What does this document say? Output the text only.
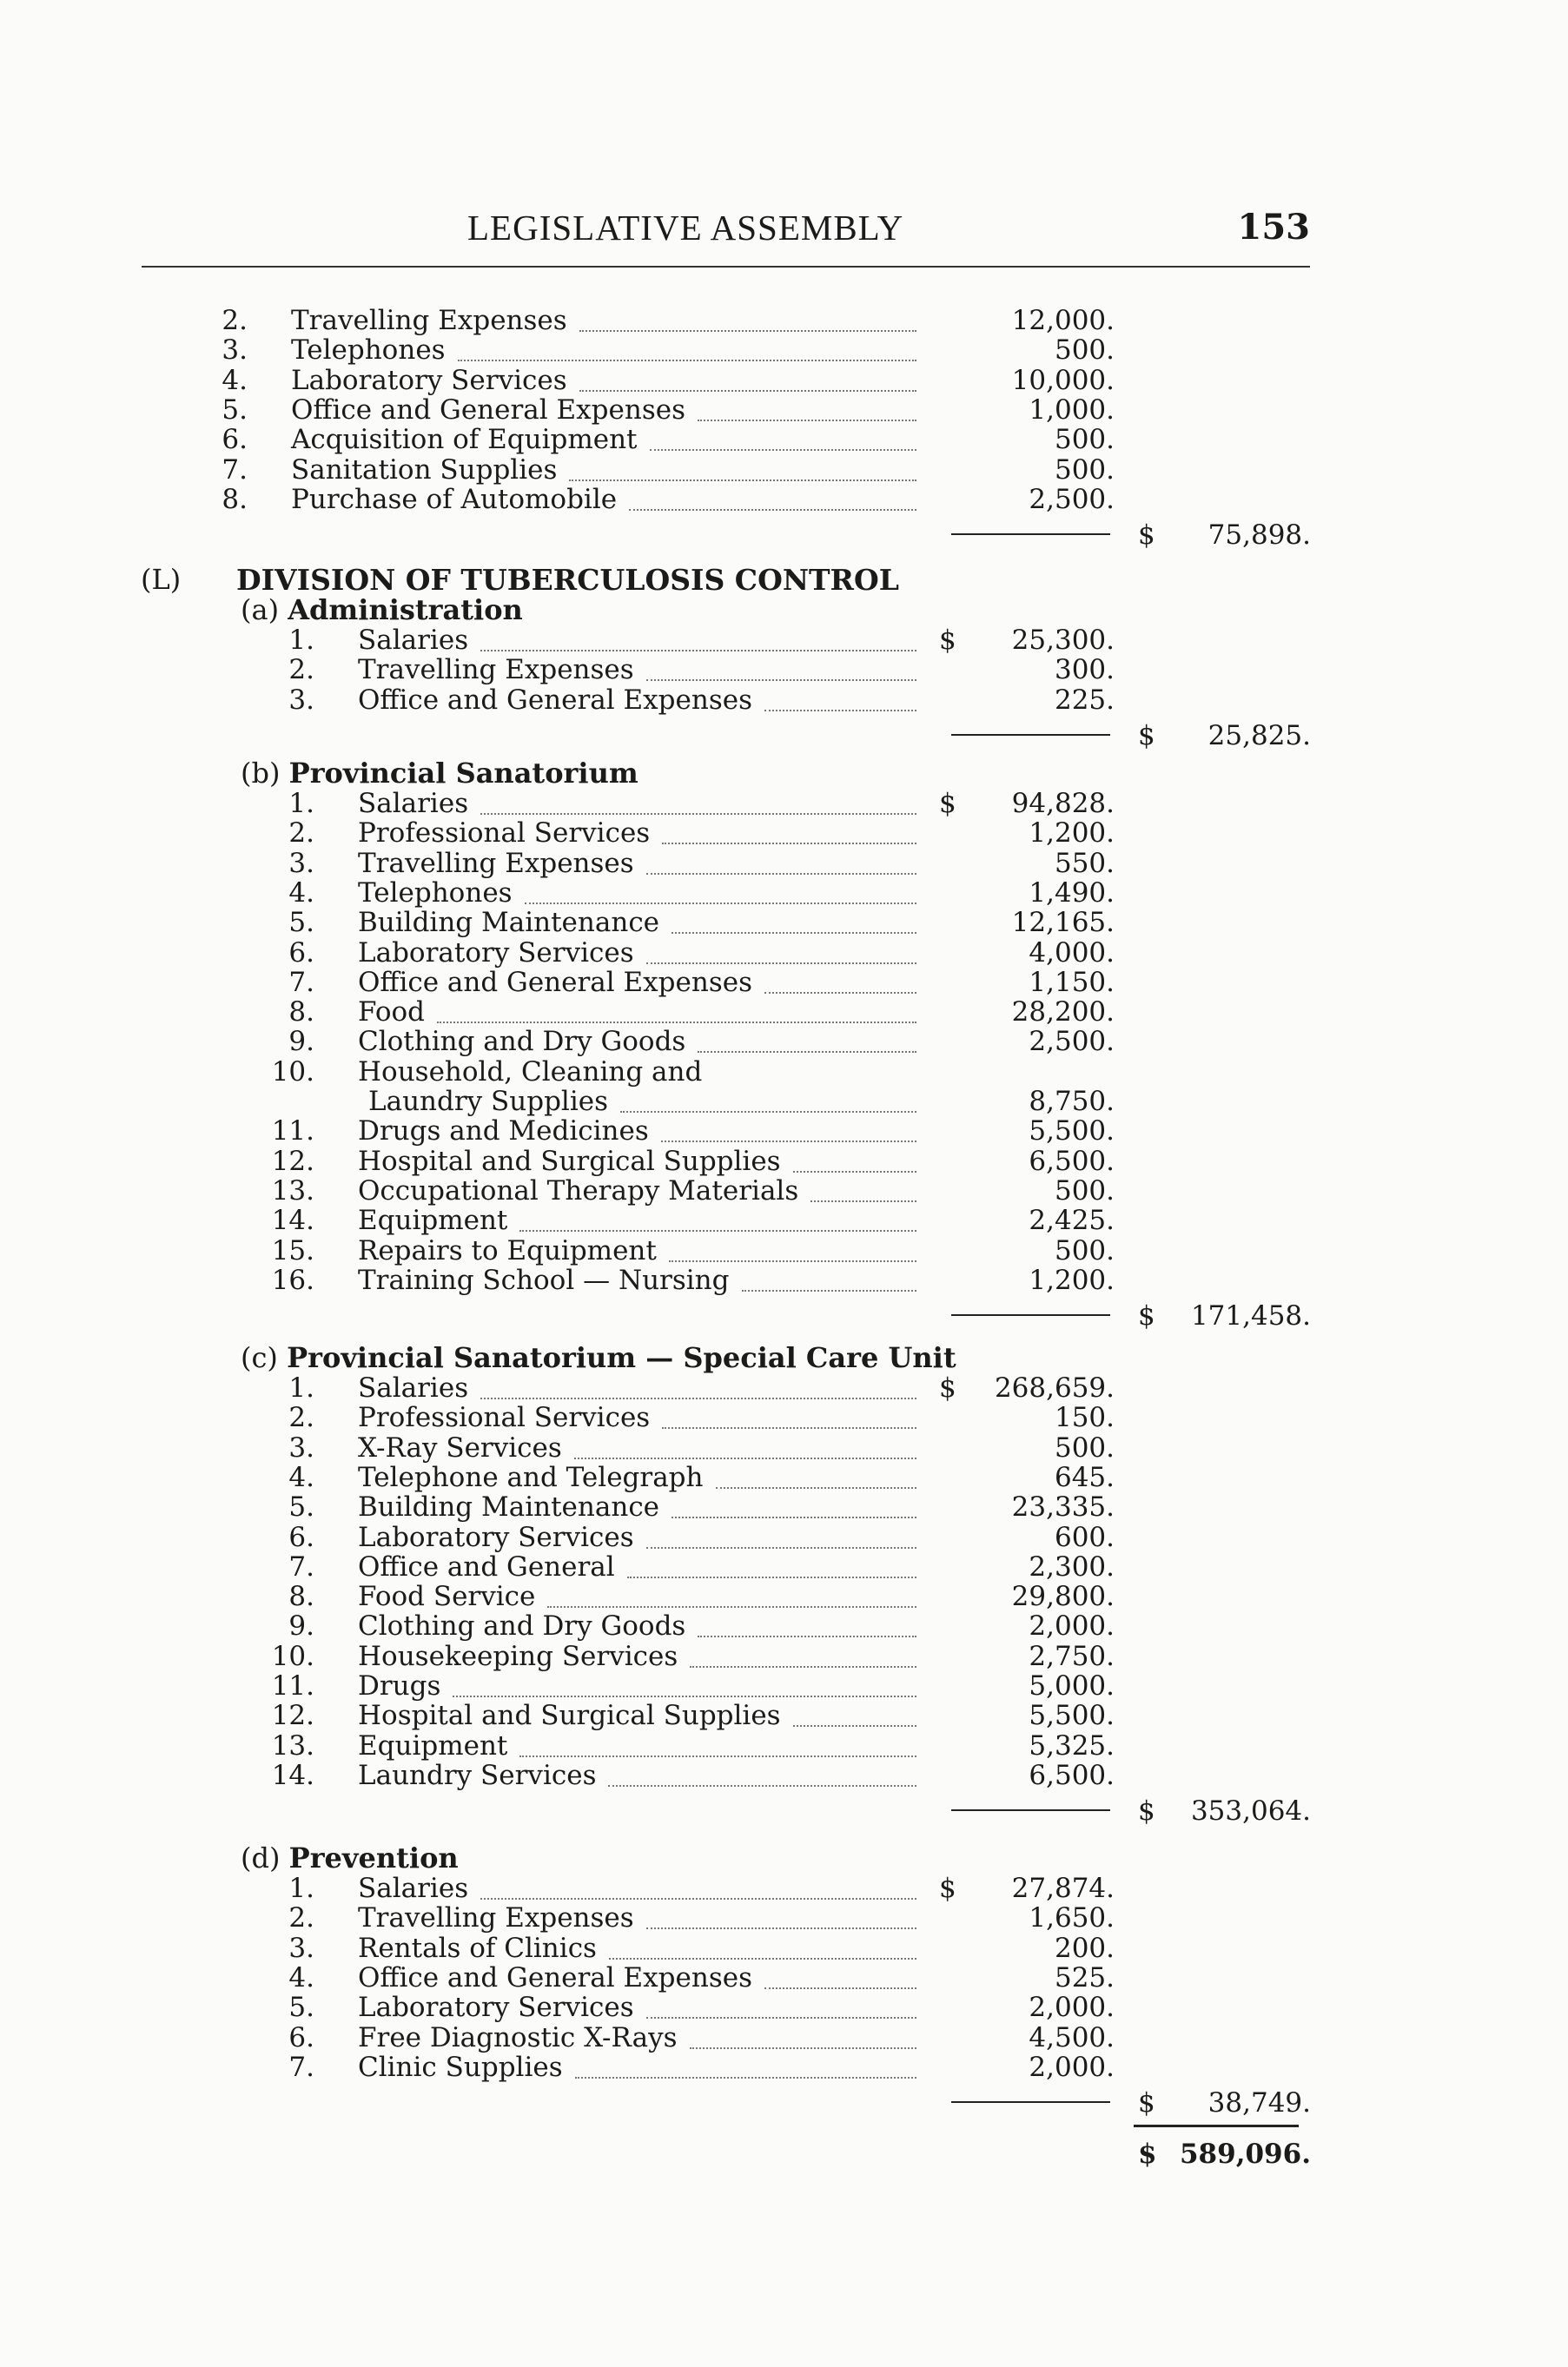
LEGISLATIVE ASSEMBLY	153
2. Travelling Expenses	12,000.
3. Telephones	500.
4. Laboratory Services	10,000.
5. Office and General Expenses	1,000.
6. Acquisition of Equipment	500.
7. Sanitation Supplies	500.
8. Purchase of Automobile	2,500.
$ 75,898.
(L) DIVISION OF TUBERCULOSIS CONTROL
(a) Administration
1. Salaries	$ 25,300.
2. Travelling Expenses	300.
3. Office and General Expenses	225.
$ 25,825.
(b) Provincial Sanatorium
1. Salaries	$ 94,828.
2. Professional Services	1,200.
3. Travelling Expenses	550.
4. Telephones	1,490.
5. Building Maintenance	12,165.
6. Laboratory Services	4,000.
7. Office and General Expenses	1,150.
8. Food	28,200.
9. Clothing and Dry Goods	2,500.
10. Household, Cleaning and
Laundry Supplies	8,750.
11. Drugs and Medicines	5,500.
12. Hospital and Surgical Supplies	6,500.
13. Occupational Therapy Materials	500.
14. Equipment	2,425.
15. Repairs to Equipment	500.
16. Training School — Nursing	1,200.
$ 171,458.
(c) Provincial Sanatorium — Special Care Unit
1. Salaries	$ 268,659.
2. Professional Services	150.
3. X-Ray Services	500.
4. Telephone and Telegraph	645.
5. Building Maintenance	23,335.
6. Laboratory Services	600.
7. Office and General	2,300.
8. Food Service	29,800.
9. Clothing and Dry Goods	2,000.
10. Housekeeping Services	2,750.
11. Drugs	5,000.
12. Hospital and Surgical Supplies	5,500.
13. Equipment	5,325.
14. Laundry Services	6,500.
$ 353,064.
(d) Prevention
1. Salaries	$ 27,874.
2. Travelling Expenses	1,650.
3. Rentals of Clinics	200.
4. Office and General Expenses	525.
5. Laboratory Services	2,000.
6. Free Diagnostic X-Rays	4,500.
7. Clinic Supplies	2,000.
$ 38,749.
$ 589,096.
